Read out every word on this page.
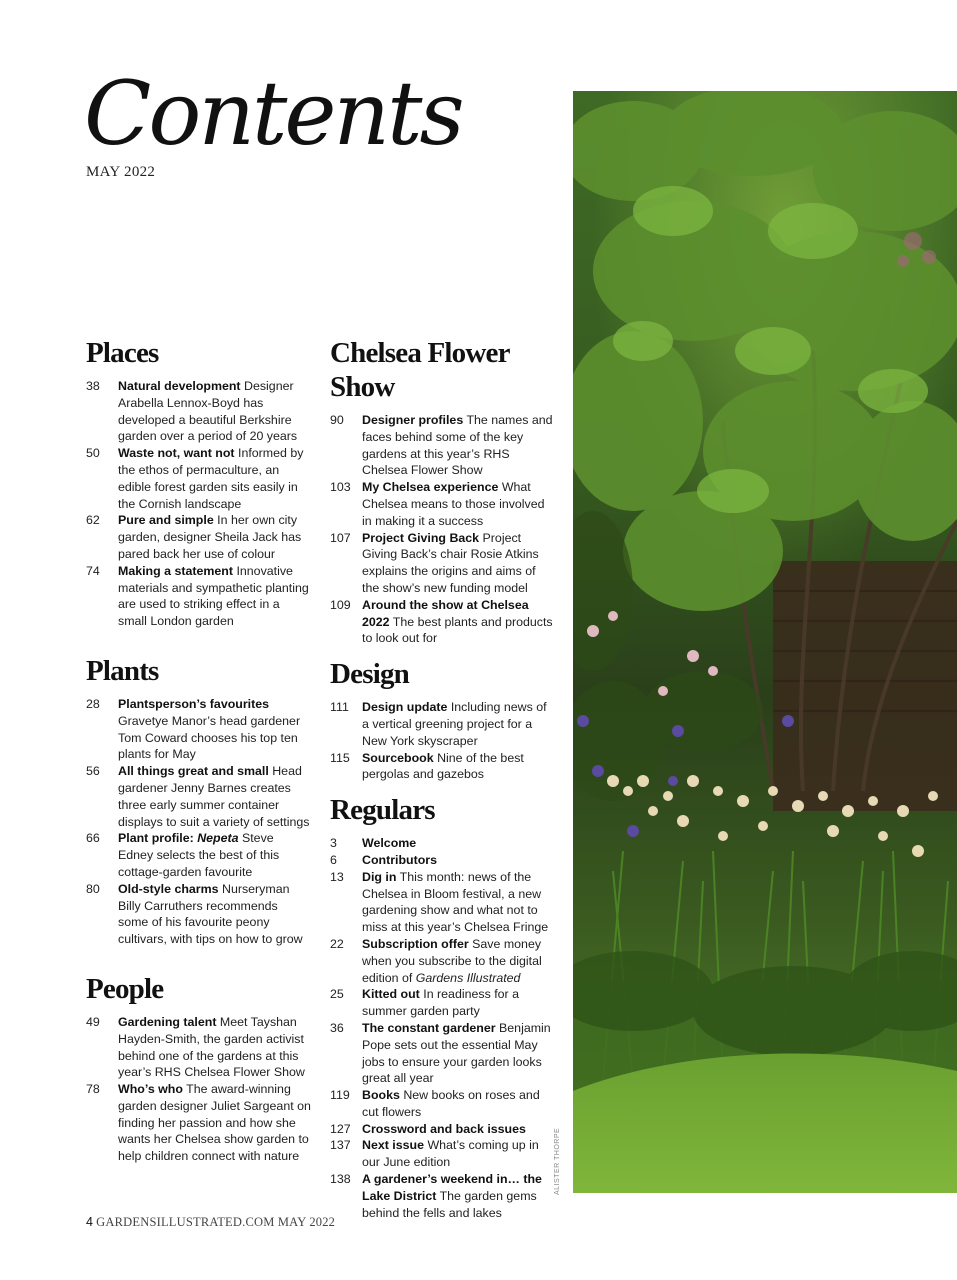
Contents
MAY 2022
Places
38	Natural development Designer Arabella Lennox-Boyd has developed a beautiful Berkshire garden over a period of 20 years
50	Waste not, want not Informed by the ethos of permaculture, an edible forest garden sits easily in the Cornish landscape
62	Pure and simple In her own city garden, designer Sheila Jack has pared back her use of colour
74	Making a statement Innovative materials and sympathetic planting are used to striking effect in a small London garden
Plants
28	Plantsperson’s favourites Gravetye Manor’s head gardener Tom Coward chooses his top ten plants for May
56	All things great and small Head gardener Jenny Barnes creates three early summer container displays to suit a variety of settings
66	Plant profile: Nepeta Steve Edney selects the best of this cottage-garden favourite
80	Old-style charms Nurseryman Billy Carruthers recommends some of his favourite peony cultivars, with tips on how to grow
People
49	Gardening talent Meet Tayshan Hayden-Smith, the garden activist behind one of the gardens at this year’s RHS Chelsea Flower Show
78	Who’s who The award-winning garden designer Juliet Sargeant on finding her passion and how she wants her Chelsea show garden to help children connect with nature
Chelsea Flower Show
90	Designer profiles The names and faces behind some of the key gardens at this year’s RHS Chelsea Flower Show
103 My Chelsea experience What Chelsea means to those involved in making it a success
107 Project Giving Back Project Giving Back’s chair Rosie Atkins explains the origins and aims of the show’s new funding model
109 Around the show at Chelsea 2022 The best plants and products to look out for
Design
111	Design update Including news of a vertical greening project for a New York skyscraper
115 Sourcebook Nine of the best pergolas and gazebos
Regulars
3	Welcome
6	Contributors
13	Dig in This month: news of the Chelsea in Bloom festival, a new gardening show and what not to miss at this year’s Chelsea Fringe
22	Subscription offer Save money when you subscribe to the digital edition of Gardens Illustrated
25	Kitted out In readiness for a summer garden party
36	The constant gardener Benjamin Pope sets out the essential May jobs to ensure your garden looks great all year
119 Books New books on roses and cut flowers
127 Crossword and back issues
137 Next issue What’s coming up in our June edition
138 A gardener’s weekend in… the Lake District The garden gems behind the fells and lakes
ALISTER THORPE
4 GARDENSILLUSTRATED.COM MAY 2022
